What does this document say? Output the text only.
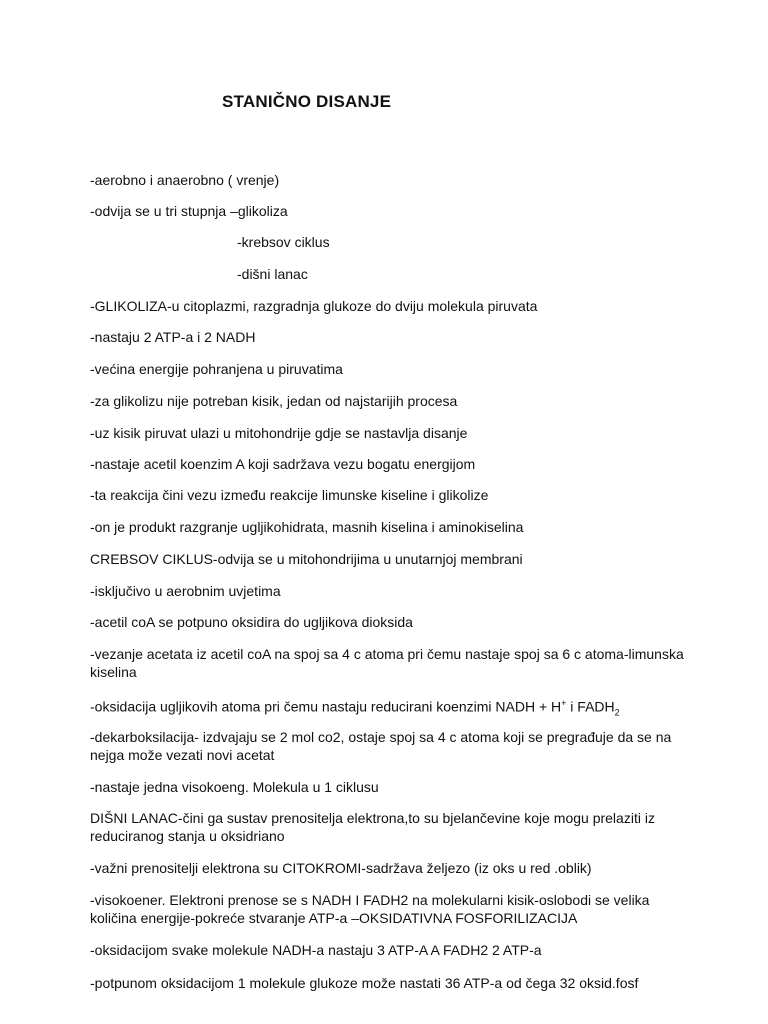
STANIČNO DISANJE
-aerobno i anaerobno ( vrenje)
-odvija se u tri stupnja –glikoliza
-krebsov ciklus
-dišni lanac
-GLIKOLIZA-u citoplazmi, razgradnja glukoze do dviju molekula piruvata
-nastaju 2 ATP-a i 2 NADH
-većina energije pohranjena u piruvatima
-za glikolizu nije potreban kisik, jedan od najstarijih procesa
-uz kisik piruvat ulazi u mitohondrije gdje se nastavlja disanje
-nastaje acetil koenzim A koji sadržava vezu bogatu energijom
-ta reakcija čini vezu između reakcije limunske kiseline i glikolize
-on je produkt razgranje ugljikohidrata, masnih kiselina i aminokiselina
CREBSOV CIKLUS-odvija se u mitohondrijima u unutarnjoj membrani
-isključivo u aerobnim uvjetima
-acetil coA se potpuno oksidira do ugljikova dioksida
-vezanje acetata iz acetil coA na spoj sa 4 c atoma pri čemu nastaje spoj sa 6 c atoma-limunska kiselina
-oksidacija ugljikovih atoma pri čemu nastaju reducirani koenzimi NADH + H+ i $FADH_2$
-dekarboksilacija- izdvajaju se 2 mol co2, ostaje spoj sa 4 c atoma koji se pregrađuje da se na nejga može vezati novi acetat
-nastaje jedna visokoeng. Molekula u 1 ciklusu
DIŠNI LANAC-čini ga sustav prenositelja elektrona,to su bjelančevine koje mogu prelaziti iz reduciranog stanja u oksidriano
-važni prenositelji elektrona su CITOKROMI-sadržava željezo (iz oks u red .oblik)
-visokoener. Elektroni prenose se s NADH I FADH2 na molekularni kisik-oslobodi se velika količina energije-pokreće stvaranje ATP-a –OKSIDATIVNA FOSFORILIZACIJA
-oksidacijom svake molekule NADH-a nastaju 3 ATP-A A FADH2 2 ATP-a
-potpunom oksidacijom 1 molekule glukoze može nastati 36 ATP-a od čega 32 oksid.fosf
